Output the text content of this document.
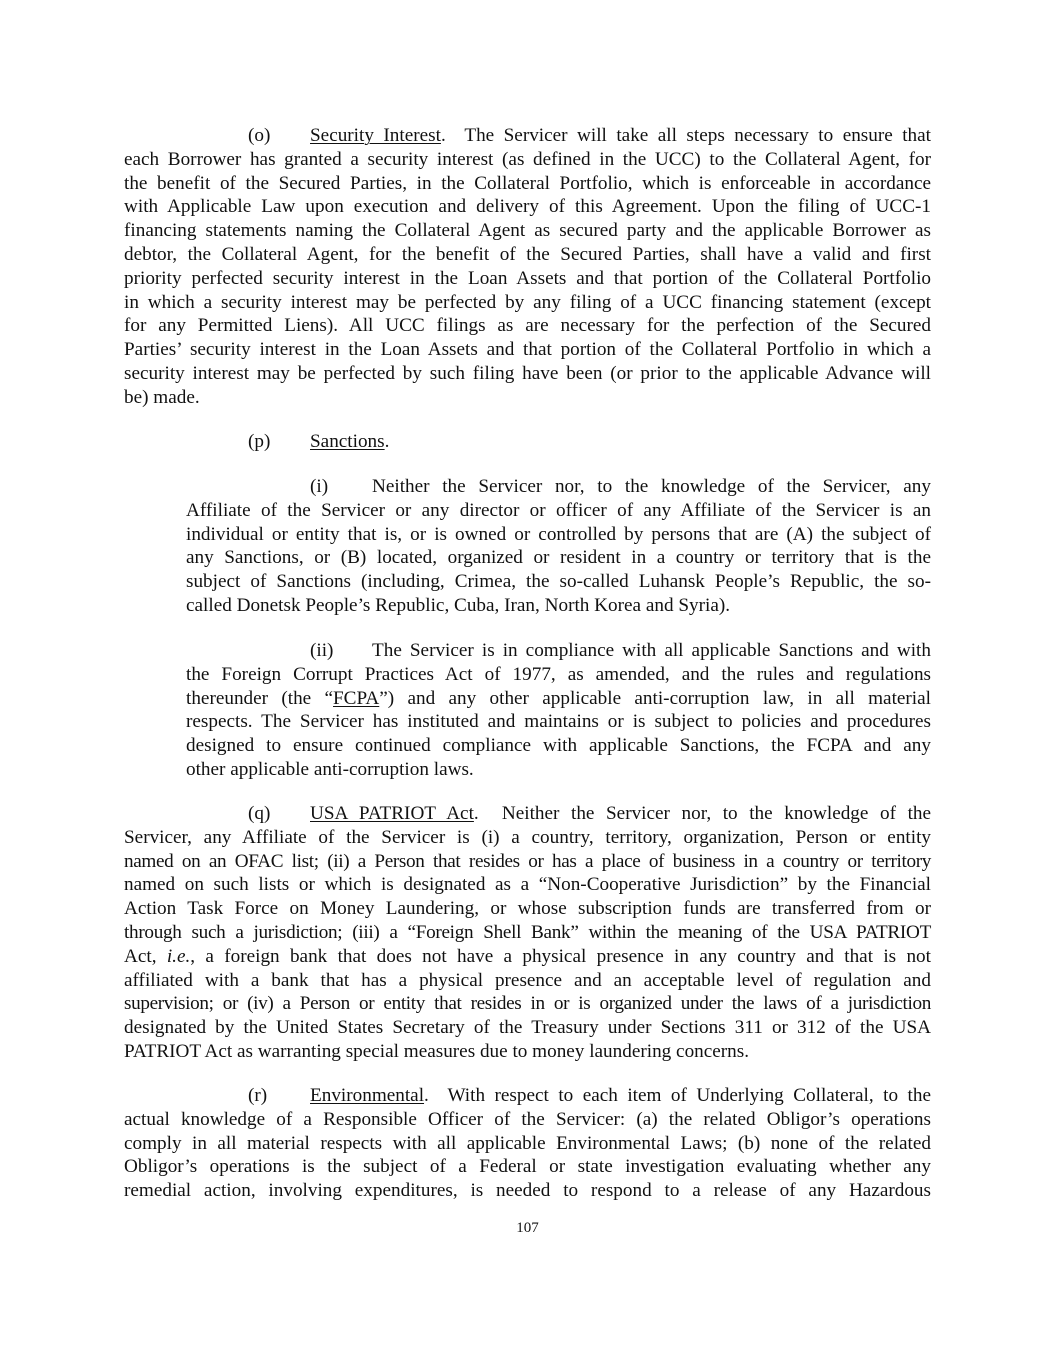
(o) Security Interest. The Servicer will take all steps necessary to ensure that
each Borrower has granted a security interest (as defined in the UCC) to the Collateral Agent, for
the benefit of the Secured Parties, in the Collateral Portfolio, which is enforceable in accordance
with Applicable Law upon execution and delivery of this Agreement. Upon the filing of UCC-1
financing statements naming the Collateral Agent as secured party and the applicable Borrower as
debtor, the Collateral Agent, for the benefit of the Secured Parties, shall have a valid and first
priority perfected security interest in the Loan Assets and that portion of the Collateral Portfolio
in which a security interest may be perfected by any filing of a UCC financing statement (except
for any Permitted Liens). All UCC filings as are necessary for the perfection of the Secured
Parties’ security interest in the Loan Assets and that portion of the Collateral Portfolio in which a
security interest may be perfected by such filing have been (or prior to the applicable Advance will
be) made.
(p) Sanctions.
(i) Neither the Servicer nor, to the knowledge of the Servicer, any
Affiliate of the Servicer or any director or officer of any Affiliate of the Servicer is an
individual or entity that is, or is owned or controlled by persons that are (A) the subject of
any Sanctions, or (B) located, organized or resident in a country or territory that is the
subject of Sanctions (including, Crimea, the so-called Luhansk People’s Republic, the so-
called Donetsk People’s Republic, Cuba, Iran, North Korea and Syria).
(ii) The Servicer is in compliance with all applicable Sanctions and with
the Foreign Corrupt Practices Act of 1977, as amended, and the rules and regulations
thereunder (the “FCPA”) and any other applicable anti-corruption law, in all material
respects. The Servicer has instituted and maintains or is subject to policies and procedures
designed to ensure continued compliance with applicable Sanctions, the FCPA and any
other applicable anti-corruption laws.
(q) USA PATRIOT Act. Neither the Servicer nor, to the knowledge of the
Servicer, any Affiliate of the Servicer is (i) a country, territory, organization, Person or entity
named on an OFAC list; (ii) a Person that resides or has a place of business in a country or territory
named on such lists or which is designated as a “Non-Cooperative Jurisdiction” by the Financial
Action Task Force on Money Laundering, or whose subscription funds are transferred from or
through such a jurisdiction; (iii) a “Foreign Shell Bank” within the meaning of the USA PATRIOT
Act, i.e., a foreign bank that does not have a physical presence in any country and that is not
affiliated with a bank that has a physical presence and an acceptable level of regulation and
supervision; or (iv) a Person or entity that resides in or is organized under the laws of a jurisdiction
designated by the United States Secretary of the Treasury under Sections 311 or 312 of the USA
PATRIOT Act as warranting special measures due to money laundering concerns.
(r) Environmental. With respect to each item of Underlying Collateral, to the
actual knowledge of a Responsible Officer of the Servicer: (a) the related Obligor’s operations
comply in all material respects with all applicable Environmental Laws; (b) none of the related
Obligor’s operations is the subject of a Federal or state investigation evaluating whether any
remedial action, involving expenditures, is needed to respond to a release of any Hazardous
107
